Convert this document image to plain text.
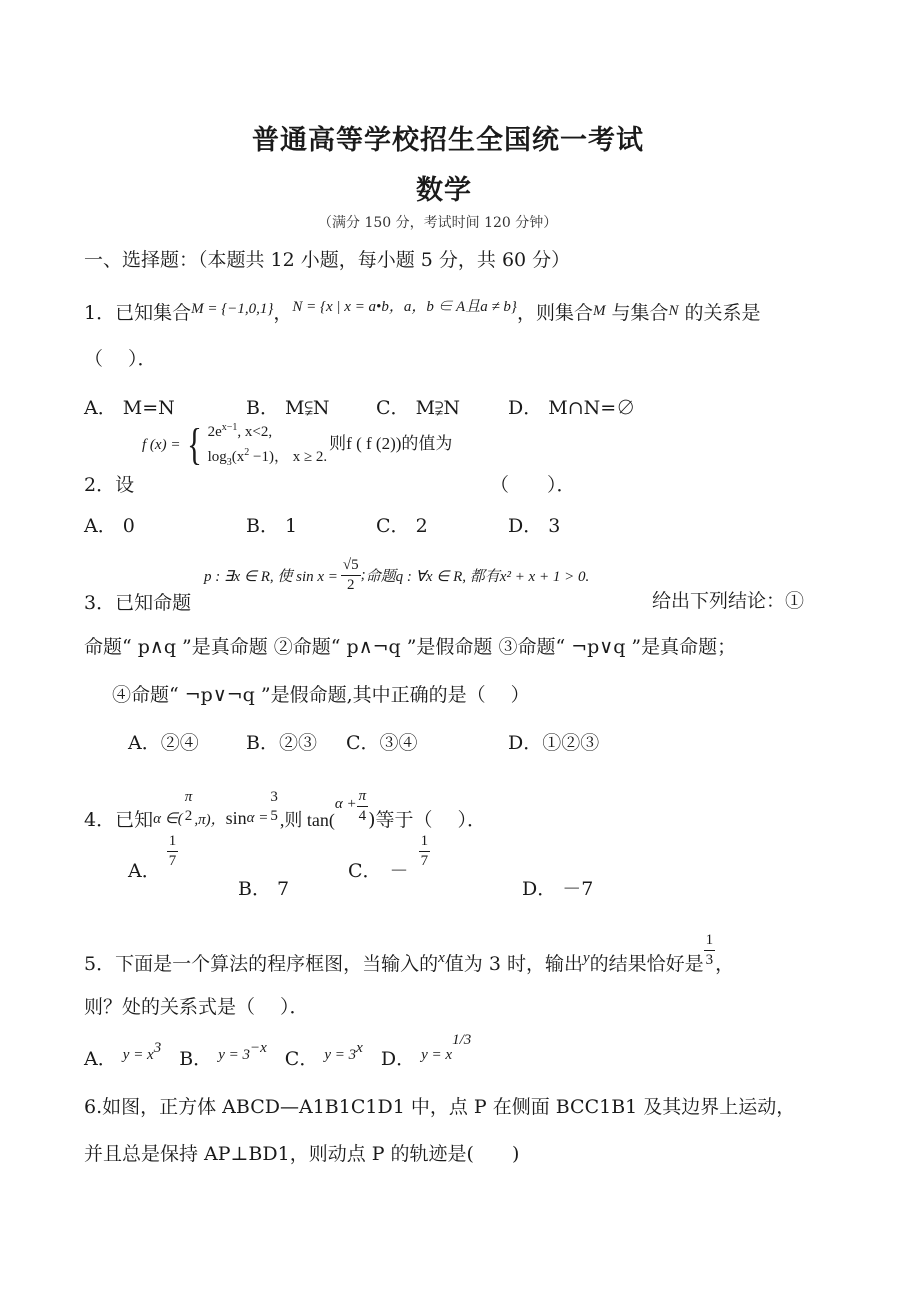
普通高等学校招生全国统一考试
数学
（满分 150 分，考试时间 120 分钟）
一、选择题：（本题共 12 小题，每小题 5 分，共 60 分）
1．已知集合$^{M = \{-1,0,1\}}$，$^{N = \{x | x = a•b,a,b \in A且a \ne b\}}$，则集合$^M$ 与集合$^N$ 的关系是
（　 ）．
A． M=N	B． M⫋N C． M⫌N	D． M∩N=∅
2．设
f (x) = { $2e^{x-1}$, x<2,
$\log_3(x^2 -1)$， x ≥ 2.
则f ( f (2))的值为
（　　）．
A． 0	B． 1	C． 2	D． 3
3．已知命题
p : ∃x ∈ R, 使 $\sin x = \frac{√5}{2}$ ; 命题q : ∀x ∈ R, 都有x² + x + 1 > 0.
给出下列结论：①
命题“ p∧q ”是真命题 ②命题“ p∧¬q ”是假命题 ③命题“ ¬p∨q ”是真命题；
④命题“ ¬p∨¬q ”是假命题,其中正确的是（　 ）
A．②④ B．②③ C．③④	D．①②③
4． 已知 α ∈(
π
2 ,π)， sin α =
3
5 ,则 tan(
$\alpha + \frac{\pi}{4}$ )等于（　 ）．
A．
$\frac{1}{7}$
B． 7
C． －
$\frac{1}{7}$
D． －7
5． 下面是一个算法的程序框图，当输入的 x 值为 3 时，输出 y 的结果恰好是 $\frac{1}{3}$ ，
则？处的关系式是（　 ）．
A． $^{y = x3}$
B． $^{y = 3-x}$
C． $^{y = 3x}$
D． $^{y = x1/3}$
6.如图，正方体 ABCD—A1B1C1D1 中，点 P 在侧面 BCC1B1 及其边界上运动，
并且总是保持 AP⊥BD1，则动点 P 的轨迹是(　　)
